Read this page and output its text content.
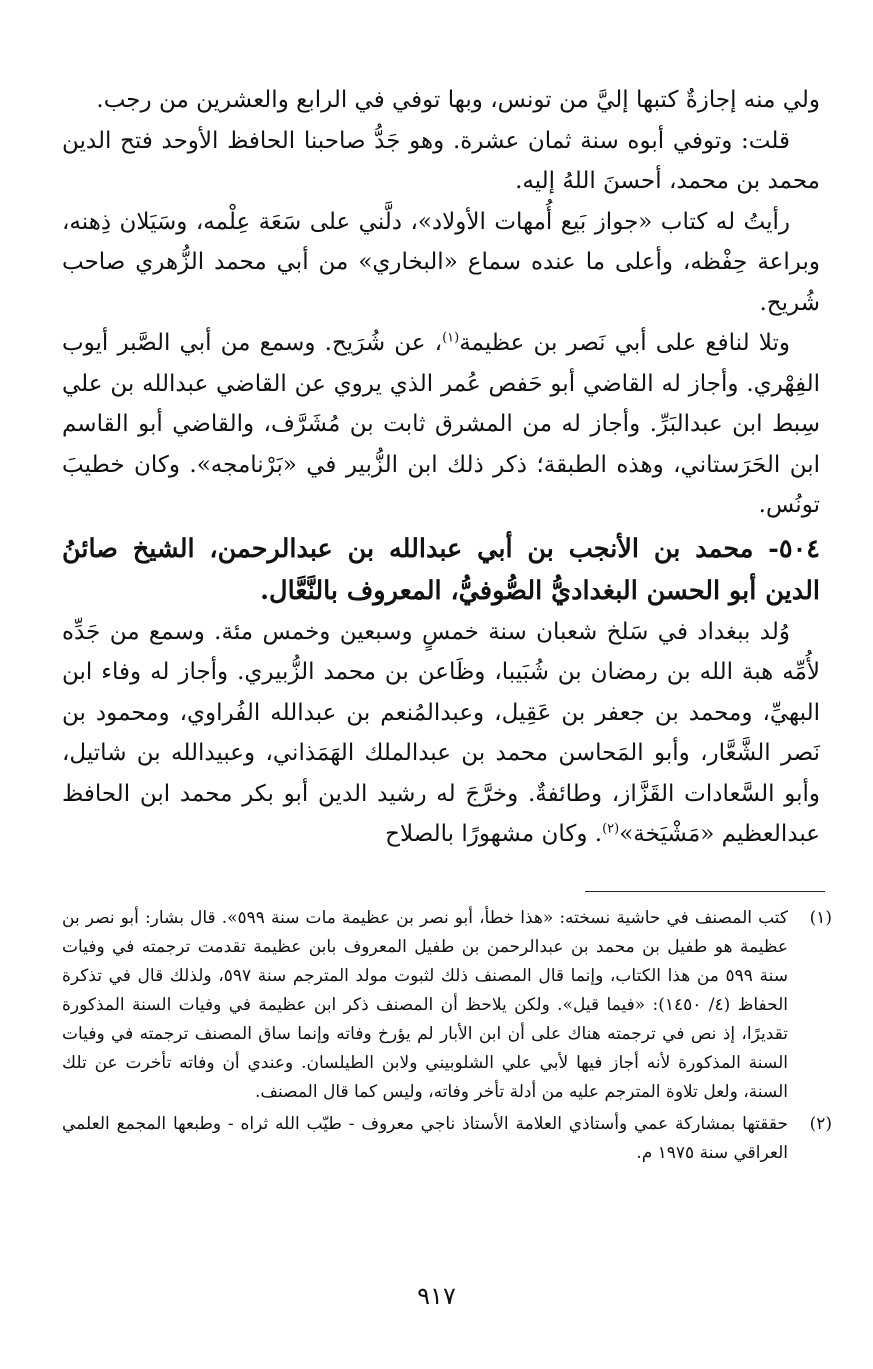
ولي منه إجازةٌ كتبها إليَّ من تونس، وبها توفي في الرابع والعشرين من رجب.

قلت: وتوفي أبوه سنة ثمان عشرة. وهو جَدُّ صاحبنا الحافظ الأوحد فتح الدين محمد بن محمد، أحسنَ اللهُ إليه.

رأيتُ له كتاب «جواز بَيع أُمهات الأولاد»، دلَّني على سَعَة عِلْمه، وسَيَلان ذِهنه، وبراعة حِفْظه، وأعلى ما عنده سماع «البخاري» من أبي محمد الزُّهري صاحب شُريح.

وتلا لنافع على أبي نَصر بن عظيمة$^{(١)}$، عن شُرَيح. وسمع من أبي الصَّبر أيوب الفِهْري. وأجاز له القاضي أبو حَفص عُمر الذي يروي عن القاضي عبدالله بن علي سِبط ابن عبدالبَرِّ. وأجاز له من المشرق ثابت بن مُشَرَّف، والقاضي أبو القاسم ابن الحَرَستاني، وهذه الطبقة؛ ذكر ذلك ابن الزُّبير في «بَرْنامجه». وكان خطيبَ تونُس.

٥٠٤- محمد بن الأنجب بن أبي عبدالله بن عبدالرحمن، الشيخ صائنُ الدين أبو الحسن البغداديُّ الصُّوفيُّ، المعروف بالنَّعَّال.

وُلد ببغداد في سَلخ شعبان سنة خمسٍ وسبعين وخمس مئة. وسمع من جَدِّه لأُمِّه هبة الله بن رمضان بن شُبَيبا، وظَاعن بن محمد الزُّبيري. وأجاز له وفاء ابن البهيِّ، ومحمد بن جعفر بن عَقِيل، وعبدالمُنعم بن عبدالله الفُراوي، ومحمود بن نَصر الشَّعَّار، وأبو المَحاسن محمد بن عبدالملك الهَمَذاني، وعبيدالله بن شاتيل، وأبو السَّعادات القَزَّاز، وطائفةٌ. وخرَّجَ له رشيد الدين أبو بكر محمد ابن الحافظ عبدالعظيم «مَشْيَخة»$^{(٢)}$. وكان مشهورًا بالصلاح

(١)
كتب المصنف في حاشية نسخته: «هذا خطأ، أبو نصر بن عظيمة مات سنة ٥٩٩». قال بشار: أبو نصر بن عظيمة هو طفيل بن محمد بن عبدالرحمن بن طفيل المعروف بابن عظيمة تقدمت ترجمته في وفيات سنة ٥٩٩ من هذا الكتاب، وإنما قال المصنف ذلك لثبوت مولد المترجم سنة ٥٩٧، ولذلك قال في تذكرة الحفاظ (٤/ ١٤٥٠): «فيما قيل». ولكن يلاحظ أن المصنف ذكر ابن عظيمة في وفيات السنة المذكورة تقديرًا، إذ نص في ترجمته هناك على أن ابن الأبار لم يؤرخ وفاته وإنما ساق المصنف ترجمته في وفيات السنة المذكورة لأنه أجاز فيها لأبي علي الشلوبيني ولابن الطيلسان. وعندي أن وفاته تأخرت عن تلك السنة، ولعل تلاوة المترجم عليه من أدلة تأخر وفاته، وليس كما قال المصنف.
(٢)
حققتها بمشاركة عمي وأستاذي العلامة الأستاذ ناجي معروف - طيّب الله ثراه - وطبعها المجمع العلمي العراقي سنة ١٩٧٥ م.
٩١٧
